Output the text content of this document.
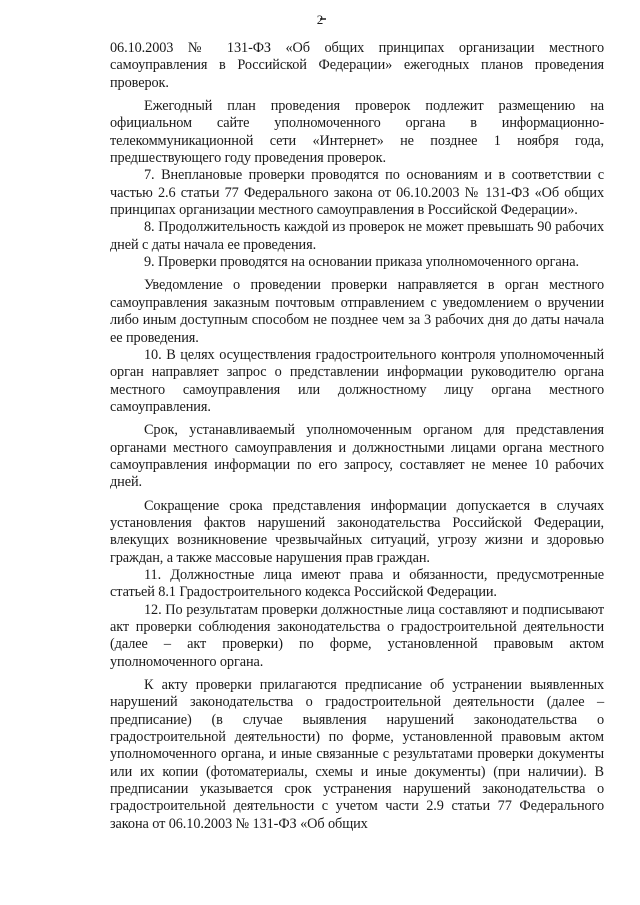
2

06.10.2003 № 131-ФЗ «Об общих принципах организации местного самоуправления в Российской Федерации» ежегодных планов проведения проверок.

Ежегодный план проведения проверок подлежит размещению на официальном сайте уполномоченного органа в информационно-телекоммуникационной сети «Интернет» не позднее 1 ноября года, предшествующего году проведения проверок.

7. Внеплановые проверки проводятся по основаниям и в соответствии с частью 2.6 статьи 77 Федерального закона от 06.10.2003 № 131-ФЗ «Об общих принципах организации местного самоуправления в Российской Федерации».

8. Продолжительность каждой из проверок не может превышать 90 рабочих дней с даты начала ее проведения.

9. Проверки проводятся на основании приказа уполномоченного органа.

Уведомление о проведении проверки направляется в орган местного самоуправления заказным почтовым отправлением с уведомлением о вручении либо иным доступным способом не позднее чем за 3 рабочих дня до даты начала ее проведения.

10. В целях осуществления градостроительного контроля уполномоченный орган направляет запрос о представлении информации руководителю органа местного самоуправления или должностному лицу органа местного самоуправления.

Срок, устанавливаемый уполномоченным органом для представления органами местного самоуправления и должностными лицами органа местного самоуправления информации по его запросу, составляет не менее 10 рабочих дней.

Сокращение срока представления информации допускается в случаях установления фактов нарушений законодательства Российской Федерации, влекущих возникновение чрезвычайных ситуаций, угрозу жизни и здоровью граждан, а также массовые нарушения прав граждан.

11. Должностные лица имеют права и обязанности, предусмотренные статьей 8.1 Градостроительного кодекса Российской Федерации.

12. По результатам проверки должностные лица составляют и подписывают акт проверки соблюдения законодательства о градостроительной деятельности (далее – акт проверки) по форме, установленной правовым актом уполномоченного органа.

К акту проверки прилагаются предписание об устранении выявленных нарушений законодательства о градостроительной деятельности (далее – предписание) (в случае выявления нарушений законодательства о градостроительной деятельности) по форме, установленной правовым актом уполномоченного органа, и иные связанные с результатами проверки документы или их копии (фотоматериалы, схемы и иные документы) (при наличии). В предписании указывается срок устранения нарушений законодательства о градостроительной деятельности с учетом части 2.9 статьи 77 Федерального закона от 06.10.2003 № 131-ФЗ «Об общих
